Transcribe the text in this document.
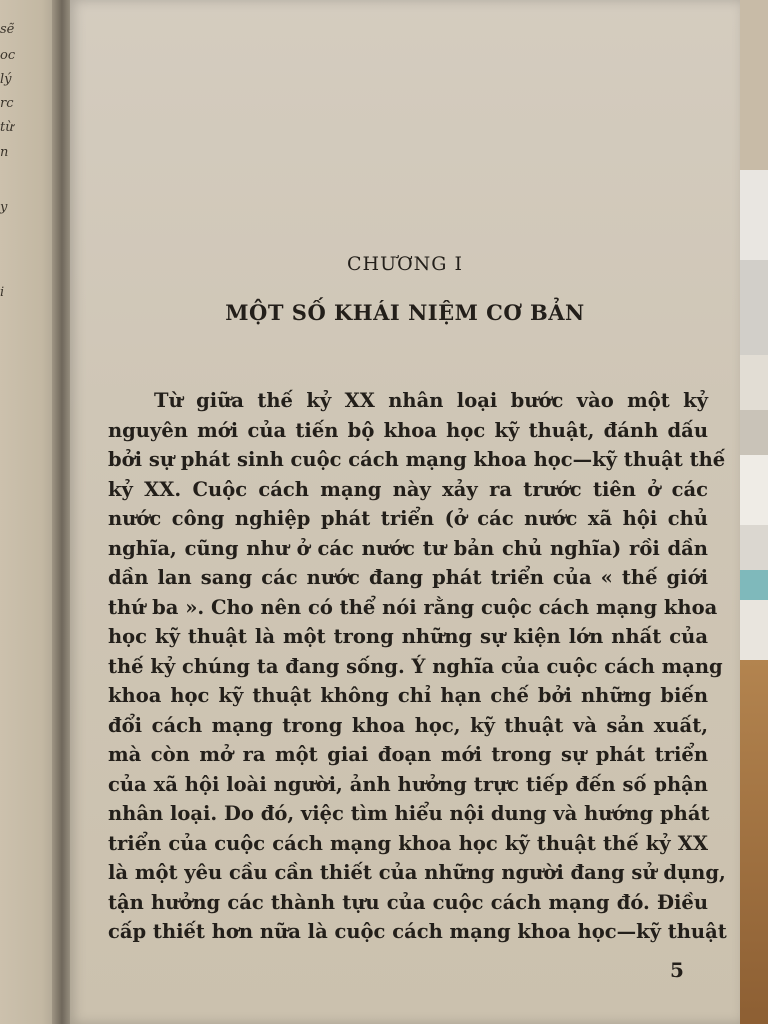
sẽ
oc
lý
rc
từ
n
y
i
CHƯƠNG I
MỘT SỐ KHÁI NIỆM CƠ BẢN
Từ giữa thế kỷ XX nhân loại bước vào một kỷ
nguyên mới của tiến bộ khoa học kỹ thuật, đánh dấu
bởi sự phát sinh cuộc cách mạng khoa học—kỹ thuật thế
kỷ XX. Cuộc cách mạng này xảy ra trước tiên ở các
nước công nghiệp phát triển (ở các nước xã hội chủ
nghĩa, cũng như ở các nước tư bản chủ nghĩa) rồi dần
dần lan sang các nước đang phát triển của « thế giới
thứ ba ». Cho nên có thể nói rằng cuộc cách mạng khoa
học kỹ thuật là một trong những sự kiện lớn nhất của
thế kỷ chúng ta đang sống. Ý nghĩa của cuộc cách mạng
khoa học kỹ thuật không chỉ hạn chế bởi những biến
đổi cách mạng trong khoa học, kỹ thuật và sản xuất,
mà còn mở ra một giai đoạn mới trong sự phát triển
của xã hội loài người, ảnh hưởng trực tiếp đến số phận
nhân loại. Do đó, việc tìm hiểu nội dung và hướng phát
triển của cuộc cách mạng khoa học kỹ thuật thế kỷ XX
là một yêu cầu cần thiết của những người đang sử dụng,
tận hưởng các thành tựu của cuộc cách mạng đó. Điều
cấp thiết hơn nữa là cuộc cách mạng khoa học—kỹ thuật
5
